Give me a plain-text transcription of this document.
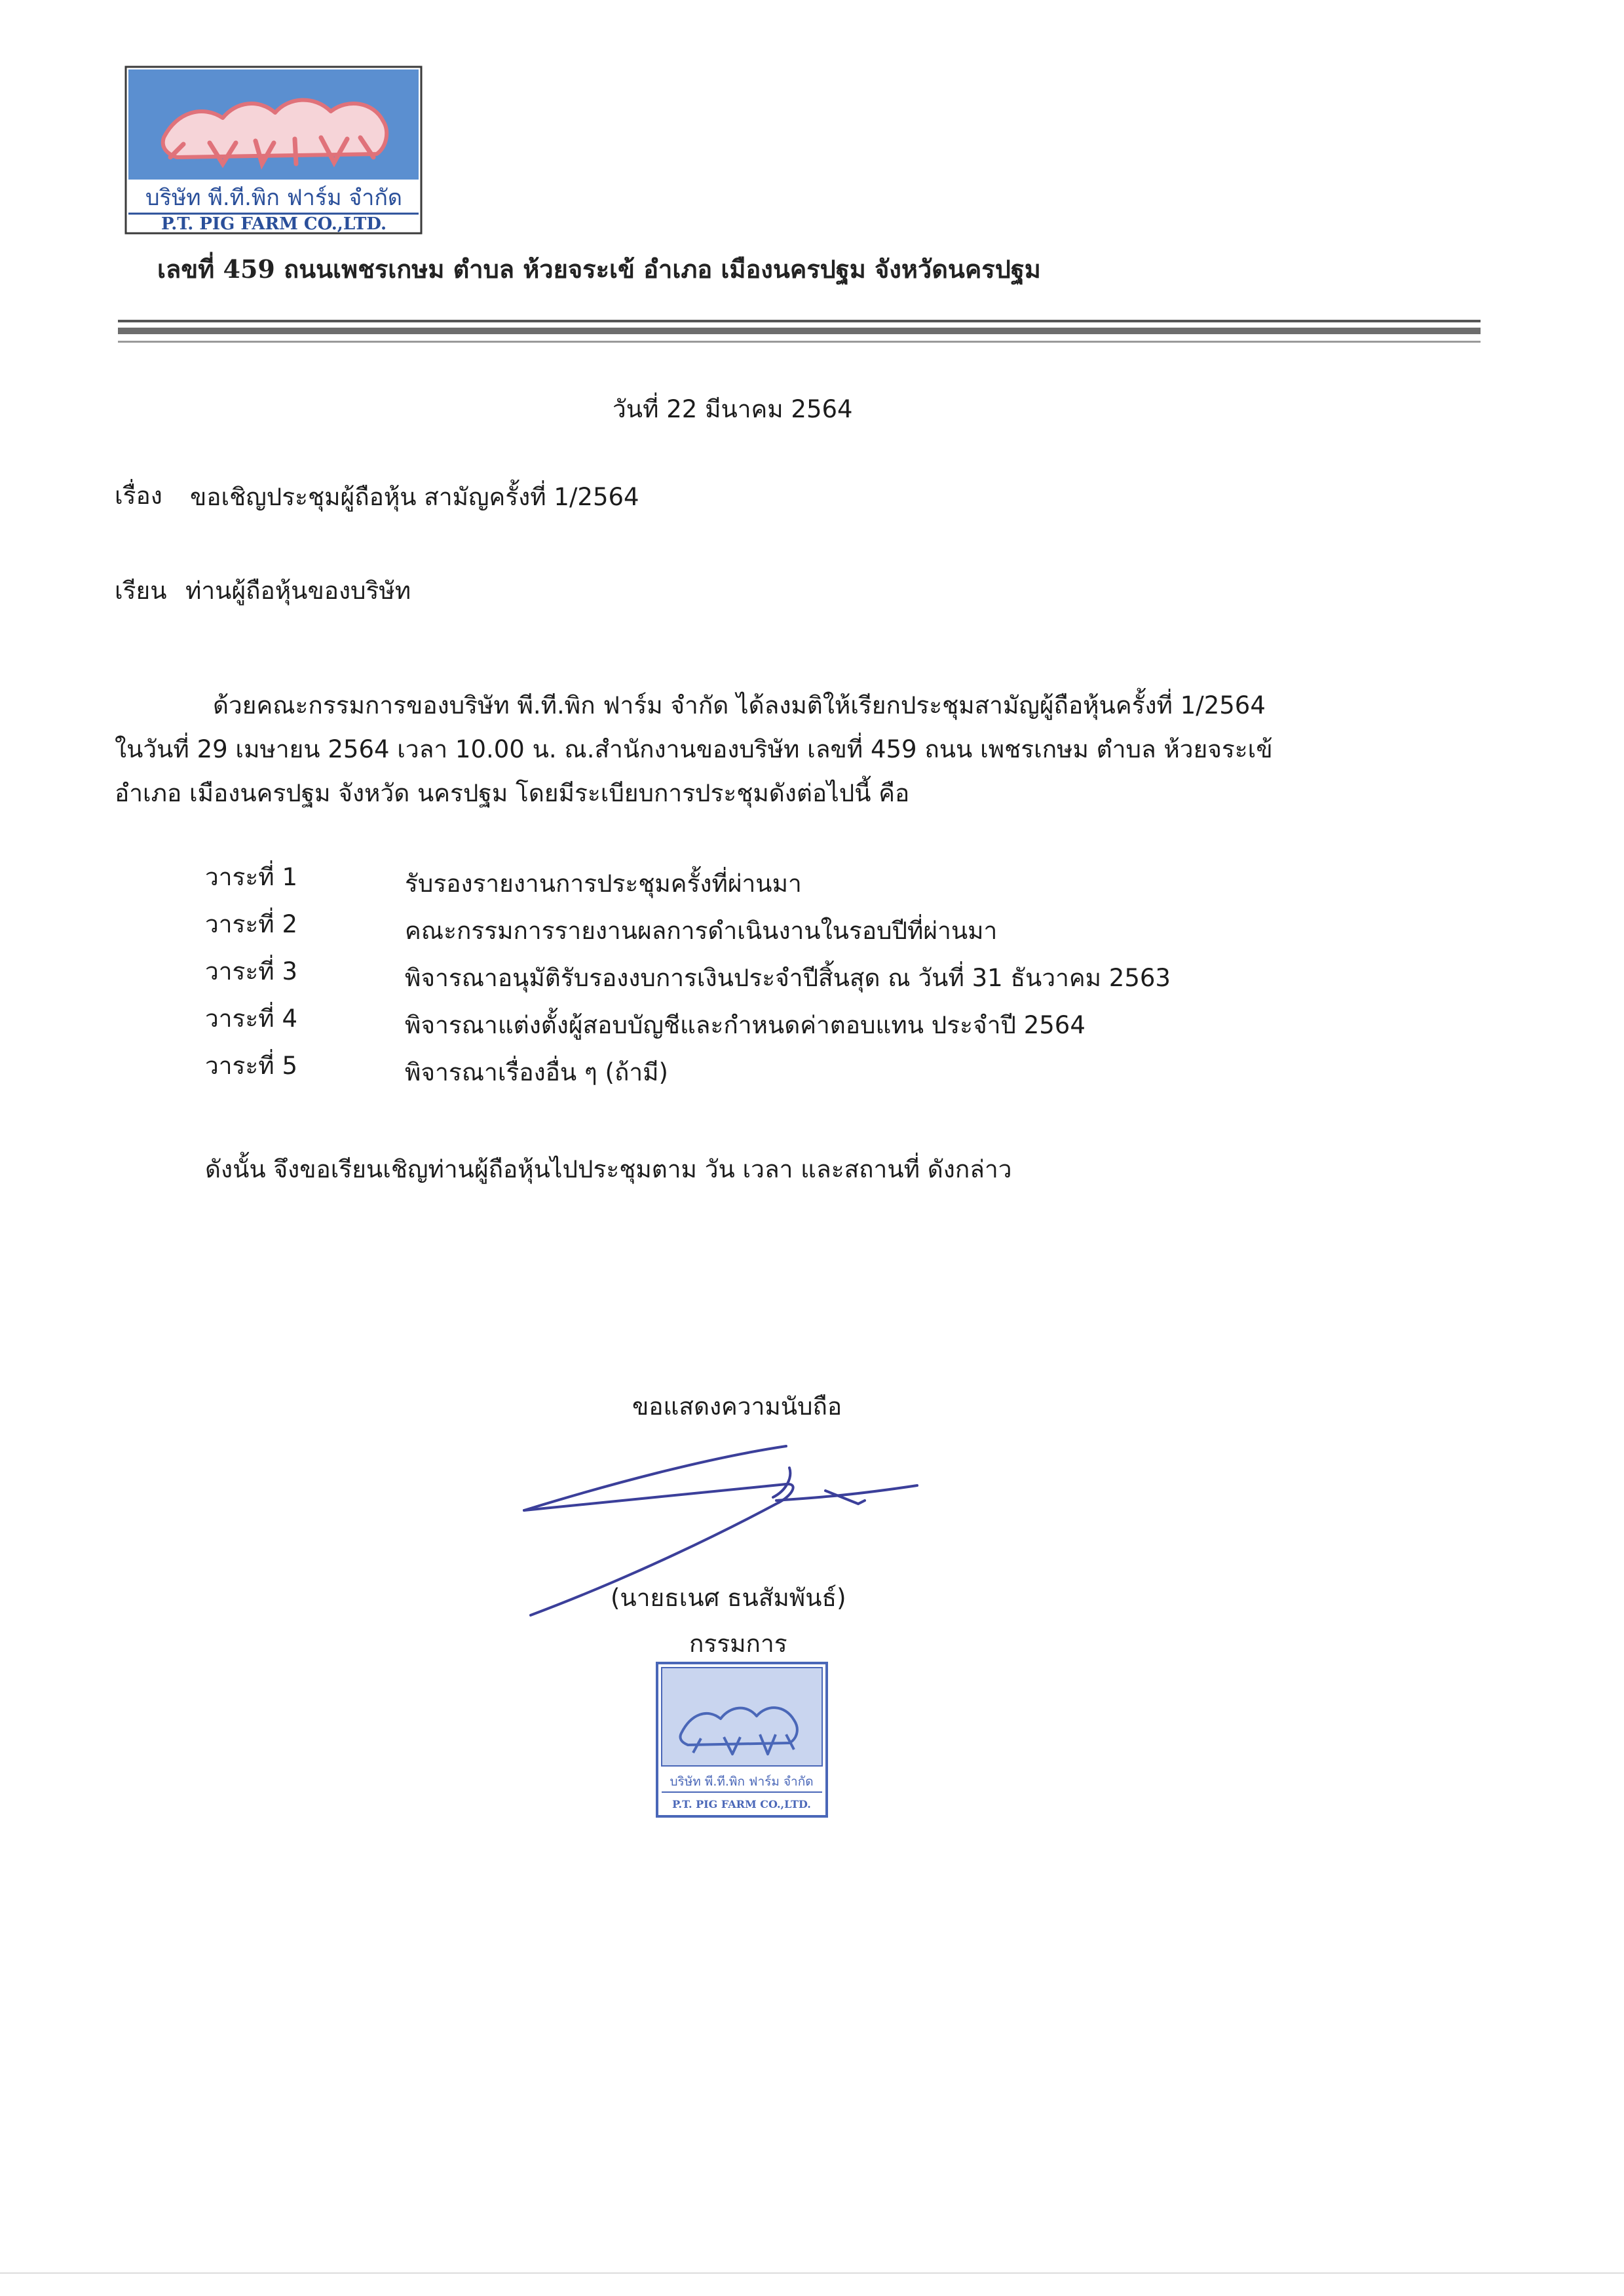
บริษัท พี.ที.พิก ฟาร์ม จำกัด
P.T. PIG FARM CO.,LTD.
เลขที่ 459 ถนนเพชรเกษม ตำบล ห้วยจระเข้ อำเภอ เมืองนครปฐม จังหวัดนครปฐม
วันที่ 22 มีนาคม 2564
เรื่อง ขอเชิญประชุมผู้ถือหุ้น สามัญครั้งที่ 1/2564
เรียน ท่านผู้ถือหุ้นของบริษัท
ด้วยคณะกรรมการของบริษัท พี.ที.พิก ฟาร์ม จำกัด ได้ลงมติให้เรียกประชุมสามัญผู้ถือหุ้นครั้งที่ 1/2564
ในวันที่ 29 เมษายน 2564 เวลา 10.00 น. ณ.สำนักงานของบริษัท เลขที่ 459 ถนน เพชรเกษม ตำบล ห้วยจระเข้
อำเภอ เมืองนครปฐม จังหวัด นครปฐม โดยมีระเบียบการประชุมดังต่อไปนี้ คือ
วาระที่ 1	รับรองรายงานการประชุมครั้งที่ผ่านมา
วาระที่ 2	คณะกรรมการรายงานผลการดำเนินงานในรอบปีที่ผ่านมา
วาระที่ 3	พิจารณาอนุมัติรับรองงบการเงินประจำปีสิ้นสุด ณ วันที่ 31 ธันวาคม 2563
วาระที่ 4	พิจารณาแต่งตั้งผู้สอบบัญชีและกำหนดค่าตอบแทน ประจำปี 2564
วาระที่ 5	พิจารณาเรื่องอื่น ๆ (ถ้ามี)
ดังนั้น จึงขอเรียนเชิญท่านผู้ถือหุ้นไปประชุมตาม วัน เวลา และสถานที่ ดังกล่าว
ขอแสดงความนับถือ
(นายธเนศ ธนสัมพันธ์)
กรรมการ
บริษัท พี.ที.พิก ฟาร์ม จำกัด
P.T. PIG FARM CO.,LTD.
